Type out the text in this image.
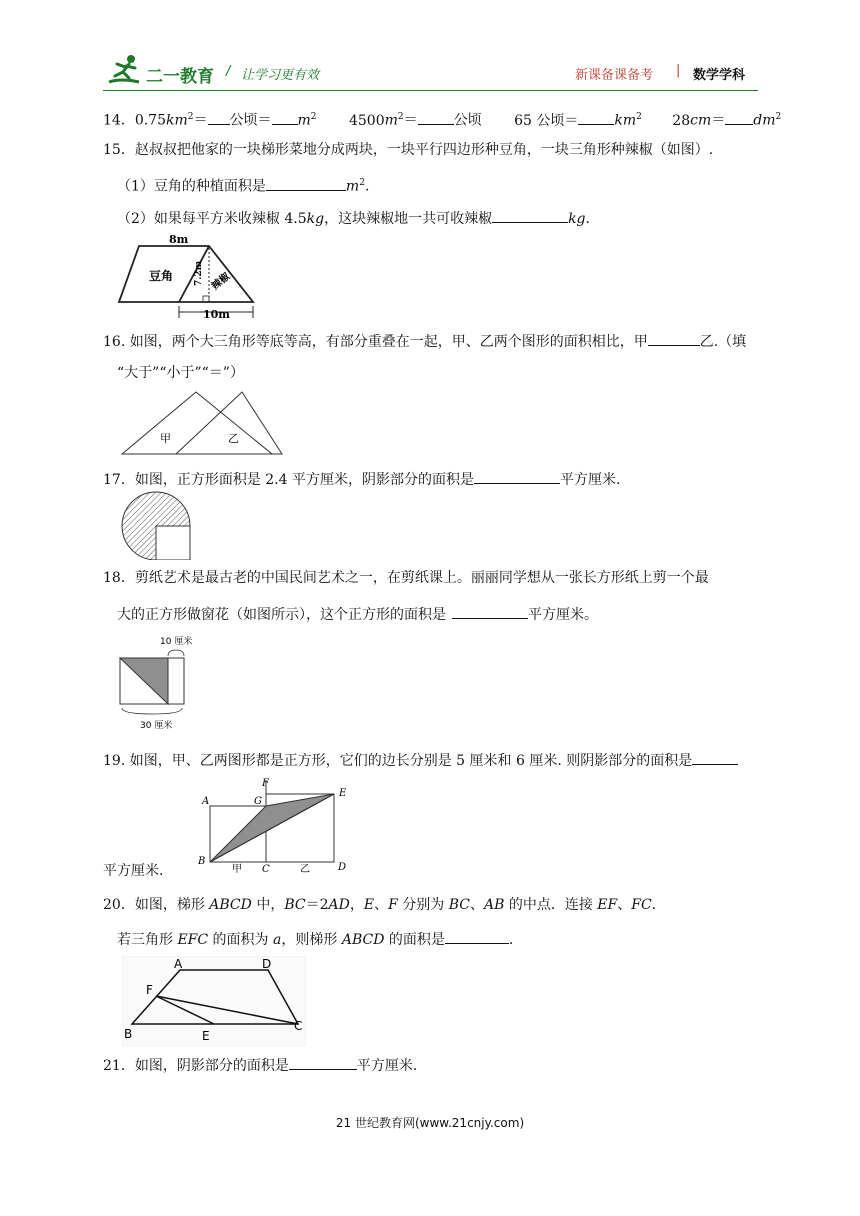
二一教育 / 让学习更有效	新课备课备考 | 数学学科
14．$0.75km^2=$ 公顷＝ $m^2$ $4500m^2=$	公顷 65 公顷＝	$km^2$ $28cm= dm^2$
15．赵叔叔把他家的一块梯形菜地分成两块，一块平行四边形种豆角，一块三角形种辣椒（如图）.
（1）豆角的种植面积是	$m^2$.
（2）如果每平方米收辣椒 4.5kg，这块辣椒地一共可收辣椒	kg.
8m
豆角	辣椒
7.2m
10m
16. 如图，两个大三角形等底等高，有部分重叠在一起，甲、乙两个图形的面积相比，甲	乙.（填
“大于”“小于”“＝”）
甲	乙
17．如图，正方形面积是 2.4 平方厘米，阴影部分的面积是	平方厘米.
18．剪纸艺术是最古老的中国民间艺术之一，在剪纸课上。丽丽同学想从一张长方形纸上剪一个最
大的正方形做窗花（如图所示），这个正方形的面积是	平方厘米。
10 厘米
30 厘米
19. 如图，甲、乙两图形都是正方形，它们的边长分别是 5 厘米和 6 厘米. 则阴影部分的面积是
A
B
C	D
E
F
G
甲	乙
平方厘米.
20．如图，梯形 ABCD 中，BC＝2AD，E、F 分别为 BC、AB 的中点．连接 EF、FC．
若三角形 EFC 的面积为 a，则梯形 ABCD 的面积是	.
A	D
F
B	E
C
21．如图，阴影部分的面积是	平方厘米.
21 世纪教育网(www.21cnjy.com)
